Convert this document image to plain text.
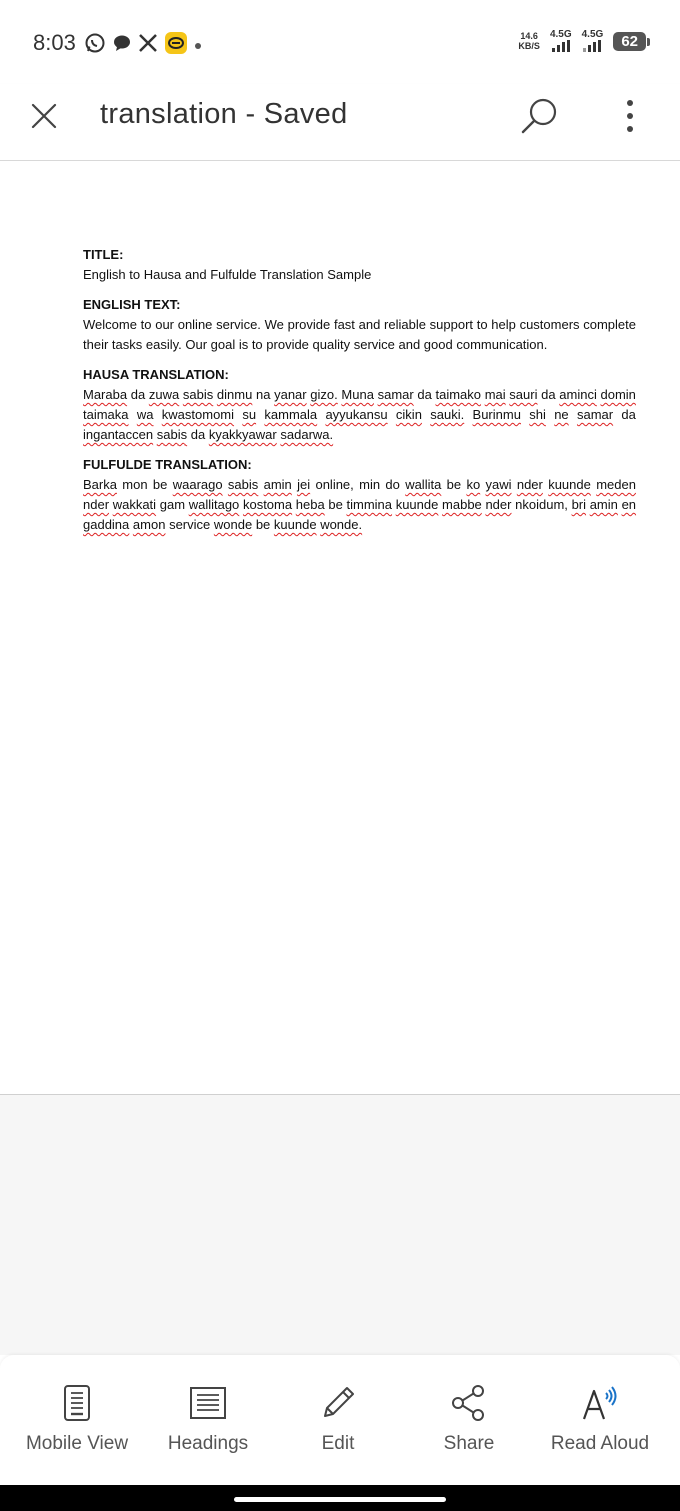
8:03	14.6
KB/S
4.5G 4.5G	62
translation - Saved

TITLE:

English to Hausa and Fulfulde Translation Sample

ENGLISH TEXT:

Welcome to our online service. We provide fast and reliable support to help customers complete their tasks easily. Our goal is to provide quality service and good communication.

HAUSA TRANSLATION:

Maraba da zuwa sabis dinmu na yanar gizo. Muna samar da taimako mai sauri da aminci domin taimaka wa kwastomomi su kammala ayyukansu cikin sauki. Burinmu shi ne samar da ingantaccen sabis da kyakkyawar sadarwa.

FULFULDE TRANSLATION:

Barka mon be waarago sabis amin jei online, min do wallita be ko yawi nder kuunde meden nder wakkati gam wallitago kostoma heba be timmina kuunde mabbe nder nkoidum, bri amin en gaddina amon service wonde be kuunde wonde.

Mobile View Headings	Edit	Share	Read Aloud
